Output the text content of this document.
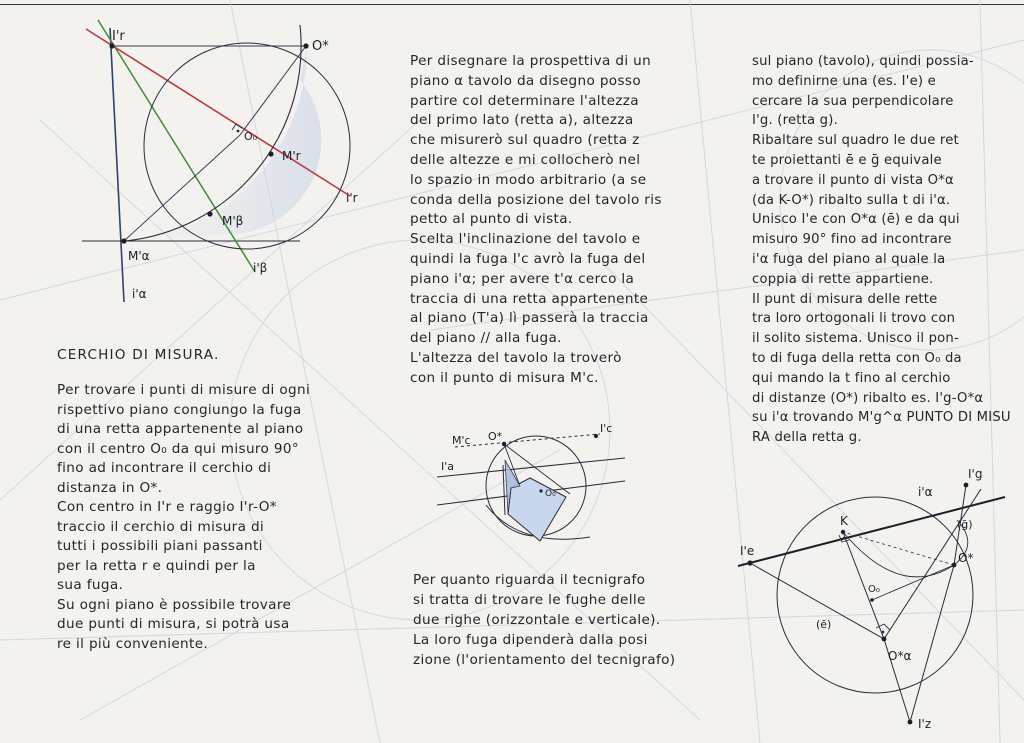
I'r
O*
O₀
M'r
i'r
M'β
i'β
M'α
i'α

CERCHIO DI MISURA.

Per trovare i punti di misure di ogni
rispettivo piano congiungo la fuga
di una retta appartenente al piano
con il centro O₀ da qui misuro 90°
fino ad incontrare il cerchio di
distanza in O*.
Con centro in I'r e raggio I'r-O*
traccio il cerchio di misura di
tutti i possibili piani passanti
per la retta r e quindi per la
sua fuga.
Su ogni piano è possibile trovare
due punti di misura, si potrà usa
re il più conveniente.
Per disegnare la prospettiva di un
piano α tavolo da disegno posso
partire col determinare l'altezza
del primo lato (retta a), altezza
che misurerò sul quadro (retta z
delle altezze e mi collocherò nel
lo spazio in modo arbitrario (a se
conda della posizione del tavolo ris
petto al punto di vista.
Scelta l'inclinazione del tavolo e
quindi la fuga I'c avrò la fuga del
piano i'α; per avere t'α cerco la
traccia di una retta appartenente
al piano (T'a) lì passerà la traccia
del piano // alla fuga.
L'altezza del tavolo la troverò
con il punto di misura M'c.
M'c O*
I'c
I'a
O₀
Per quanto riguarda il tecnigrafo
si tratta di trovare le fughe delle
due righe (orizzontale e verticale).
La loro fuga dipenderà dalla posi
zione (l'orientamento del tecnigrafo)
sul piano (tavolo), quindi possia-
mo definirne una (es. I'e) e
cercare la sua perpendicolare
I'g. (retta g).
Ribaltare sul quadro le due ret
te proiettanti ē e ḡ equivale
a trovare il punto di vista O*α
(da K-O*) ribalto sulla t di i'α.
Unisco I'e con O*α (ē) e da qui
misuro 90° fino ad incontrare
i'α fuga del piano al quale la
coppia di rette appartiene.
Il punt di misura delle rette
tra loro ortogonali li trovo con
il solito sistema. Unisco il pon-
to di fuga della retta con O₀ da
qui mando la t fino al cerchio
di distanze (O*) ribalto es. I'g-O*α
su i'α trovando M'g^α PUNTO DI MISU
RA della retta g.
I'g
i'α
K	(ḡ)
I'e	O*
O₀
(ē)
O*α
I'z
